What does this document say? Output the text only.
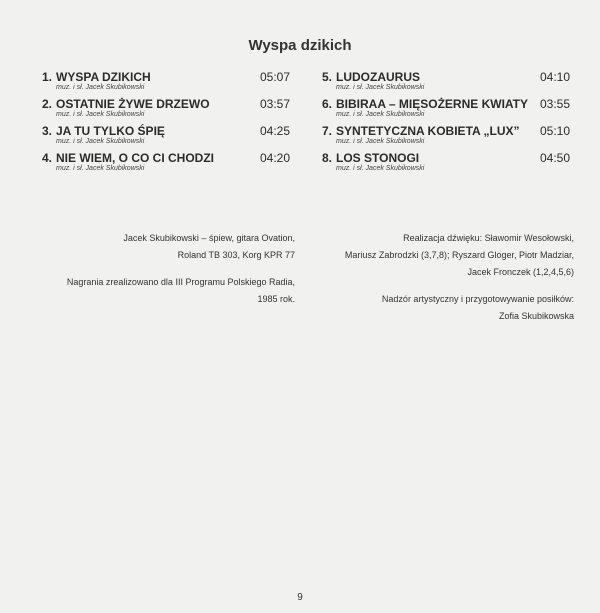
Wyspa dzikich
1. WYSPA DZIKICH	05:07
muz. i sł. Jacek Skubikowski
2. OSTATNIE ŻYWE DRZEWO	03:57
muz. i sł. Jacek Skubikowski
3. JA TU TYLKO ŚPIĘ	04:25
muz. i sł. Jacek Skubikowski
4. NIE WIEM, O CO CI CHODZI	04:20
muz. i sł. Jacek Skubikowski
5. LUDOZAURUS	04:10
muz. i sł. Jacek Skubikowski
6. BIBIRAA – MIĘSOŻERNE KWIATY 03:55
muz. i sł. Jacek Skubikowski
7. SYNTETYCZNA KOBIETA „LUX” 05:10
muz. i sł. Jacek Skubikowski
8. LOS STONOGI	04:50
muz. i sł. Jacek Skubikowski
Jacek Skubikowski – śpiew, gitara Ovation,
Roland TB 303, Korg KPR 77
Nagrania zrealizowano dla III Programu Polskiego Radia,
1985 rok.
Realizacja dźwięku: Sławomir Wesołowski,
Mariusz Zabrodzki (3,7,8); Ryszard Gloger, Piotr Madziar,
Jacek Fronczek (1,2,4,5,6)
Nadzór artystyczny i przygotowywanie posiłków:
Zofia Skubikowska
9
